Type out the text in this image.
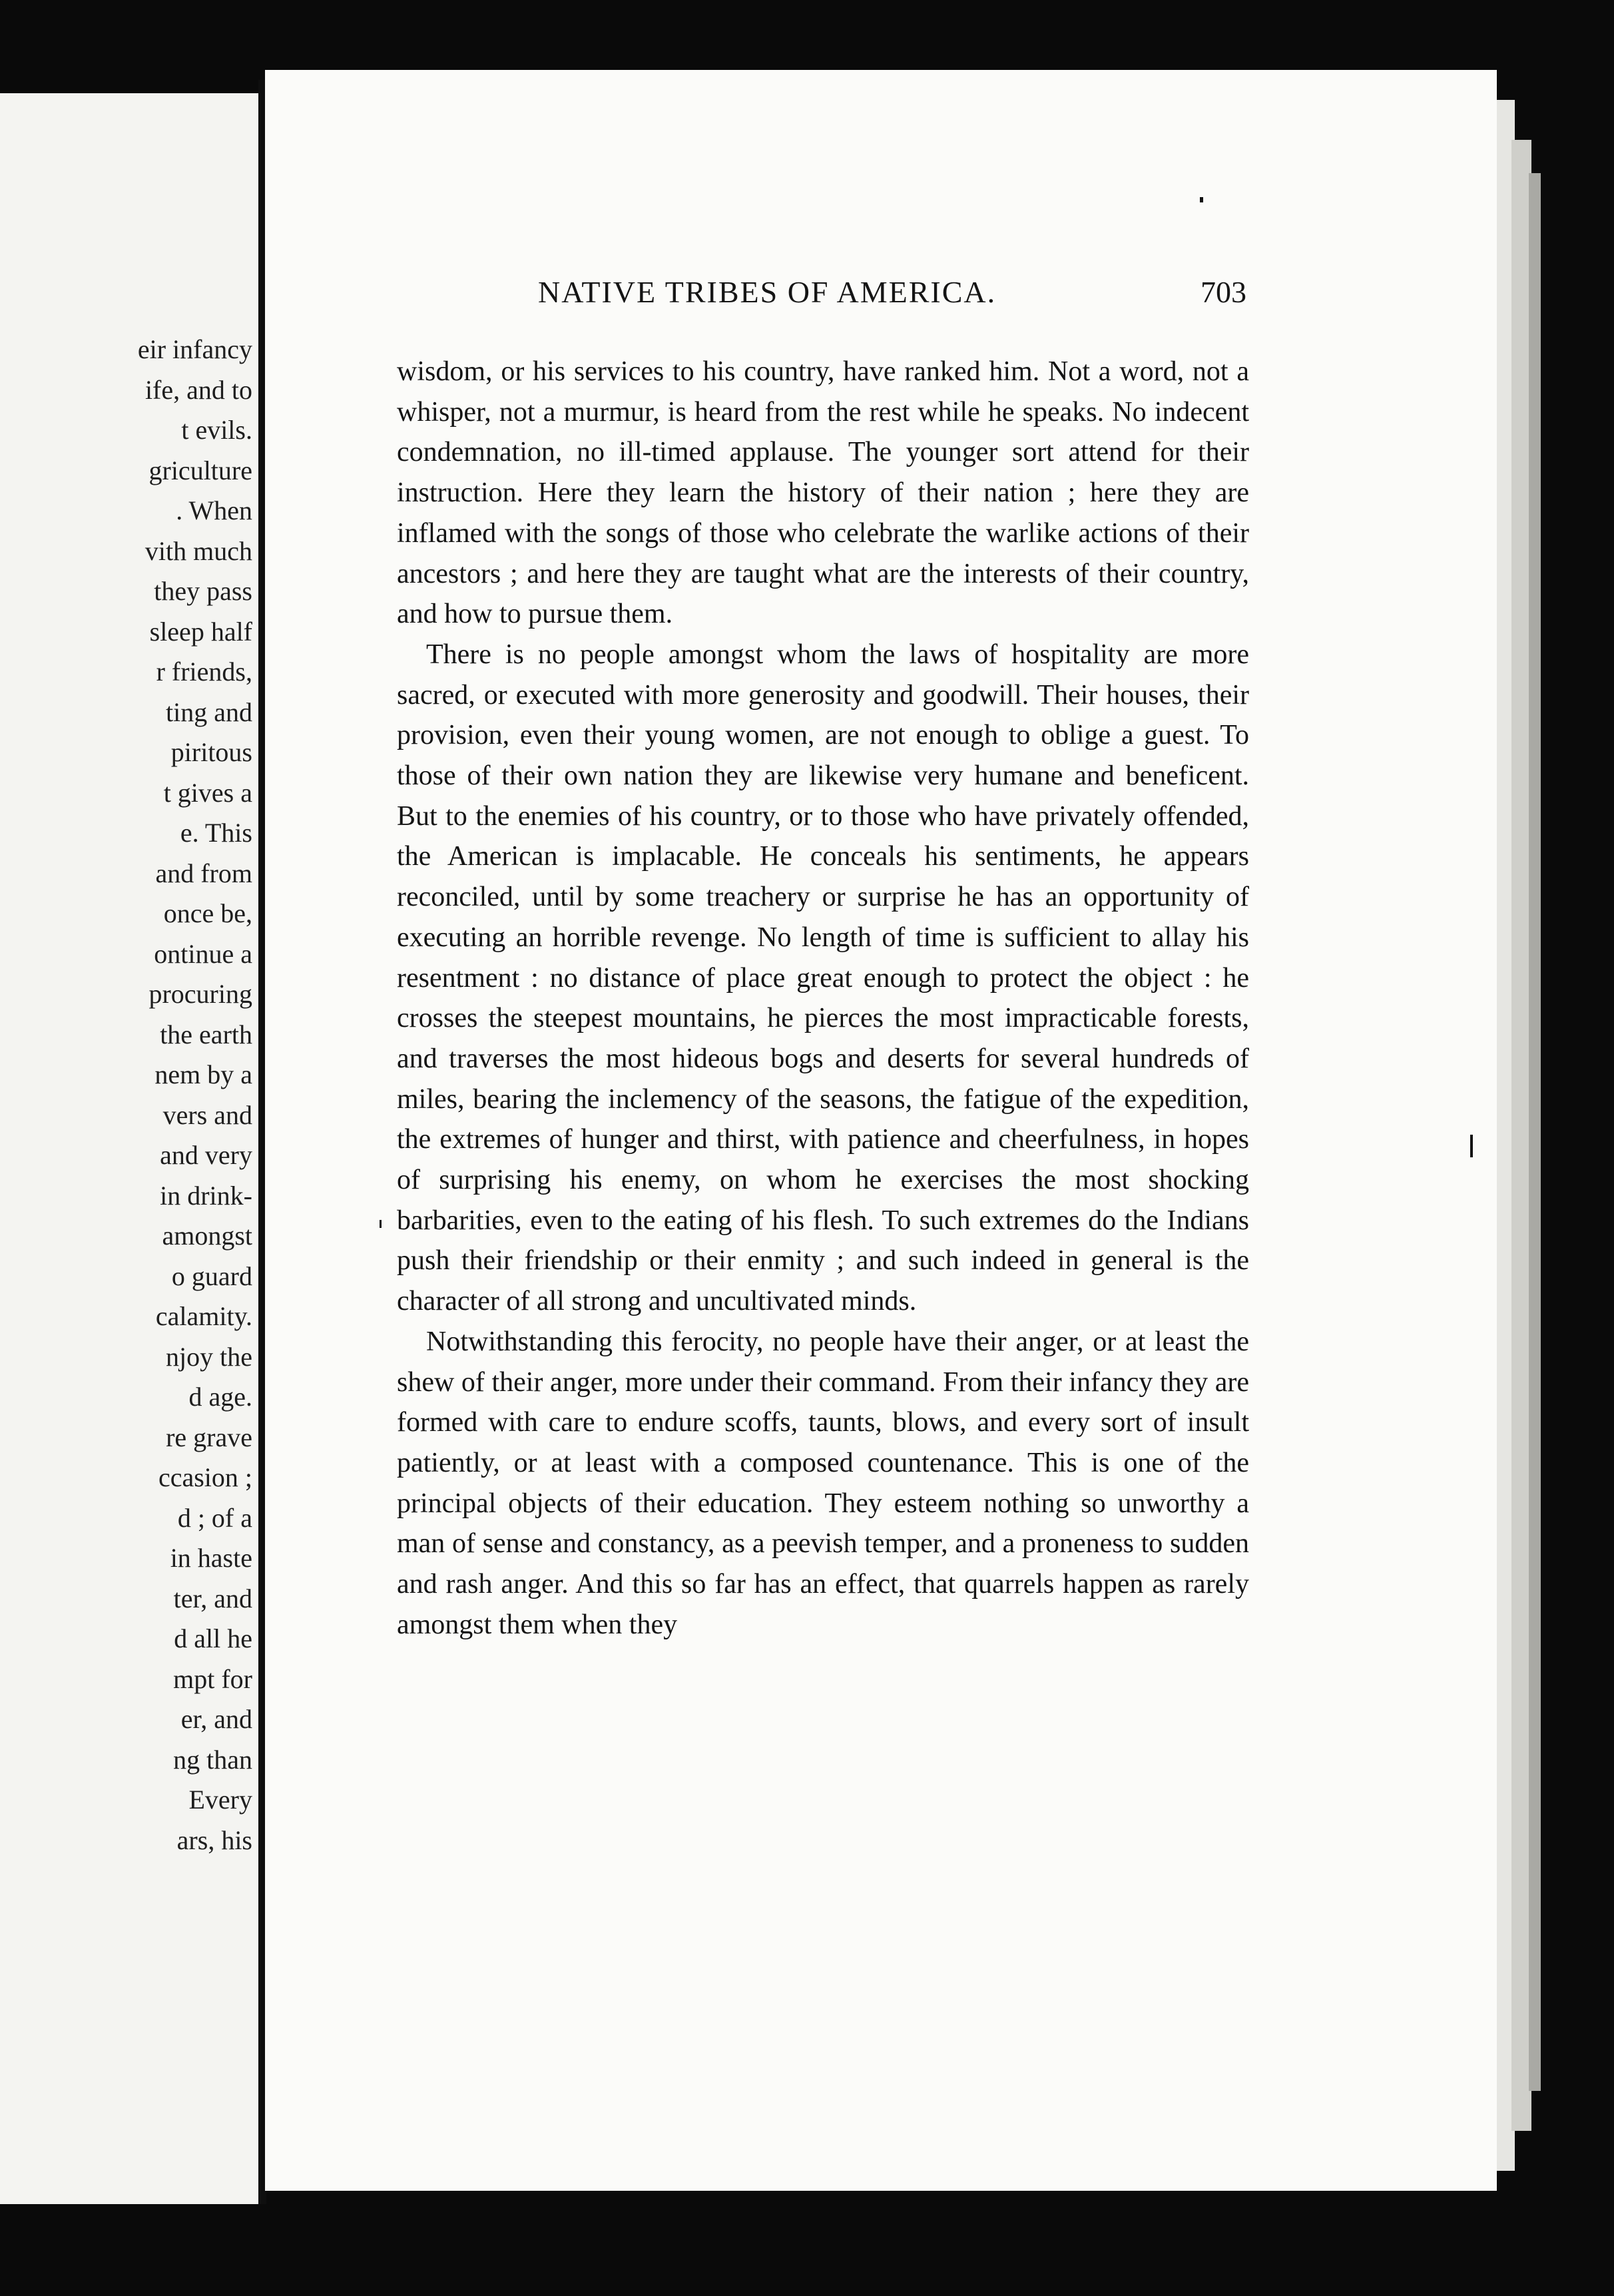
eir infancy
ife, and to
t evils.
griculture
. When
vith much
they pass
sleep half
r friends,
ting and
piritous
t gives a
e. This
and from
once be,
ontinue a
procuring
the earth
nem by a
vers and
and very
in drink-
amongst
o guard
calamity.
njoy the
d age.
re grave
ccasion ;
d ; of a
in haste
ter, and
d all he
mpt for
er, and
ng than
Every
ars, his
NATIVE TRIBES OF AMERICA.	703

wisdom, or his services to his country, have ranked him. Not a word, not a whisper, not a murmur, is heard from the rest while he speaks. No indecent condemnation, no ill-timed applause. The younger sort attend for their instruction. Here they learn the history of their nation ; here they are inflamed with the songs of those who celebrate the warlike actions of their ancestors ; and here they are taught what are the interests of their country, and how to pursue them.

There is no people amongst whom the laws of hospitality are more sacred, or executed with more generosity and goodwill. Their houses, their provision, even their young women, are not enough to oblige a guest. To those of their own nation they are likewise very humane and beneficent. But to the enemies of his country, or to those who have privately offended, the American is implacable. He conceals his sentiments, he appears reconciled, until by some treachery or surprise he has an opportunity of executing an horrible revenge. No length of time is sufficient to allay his resentment : no distance of place great enough to protect the object : he crosses the steepest mountains, he pierces the most impracticable forests, and traverses the most hideous bogs and deserts for several hundreds of miles, bearing the inclemency of the seasons, the fatigue of the expedition, the extremes of hunger and thirst, with patience and cheerfulness, in hopes of surprising his enemy, on whom he exercises the most shocking barbarities, even to the eating of his flesh. To such extremes do the Indians push their friendship or their enmity ; and such indeed in general is the character of all strong and uncultivated minds.

Notwithstanding this ferocity, no people have their anger, or at least the shew of their anger, more under their command. From their infancy they are formed with care to endure scoffs, taunts, blows, and every sort of insult patiently, or at least with a composed countenance. This is one of the principal objects of their education. They esteem nothing so unworthy a man of sense and constancy, as a peevish temper, and a proneness to sudden and rash anger. And this so far has an effect, that quarrels happen as rarely amongst them when they
